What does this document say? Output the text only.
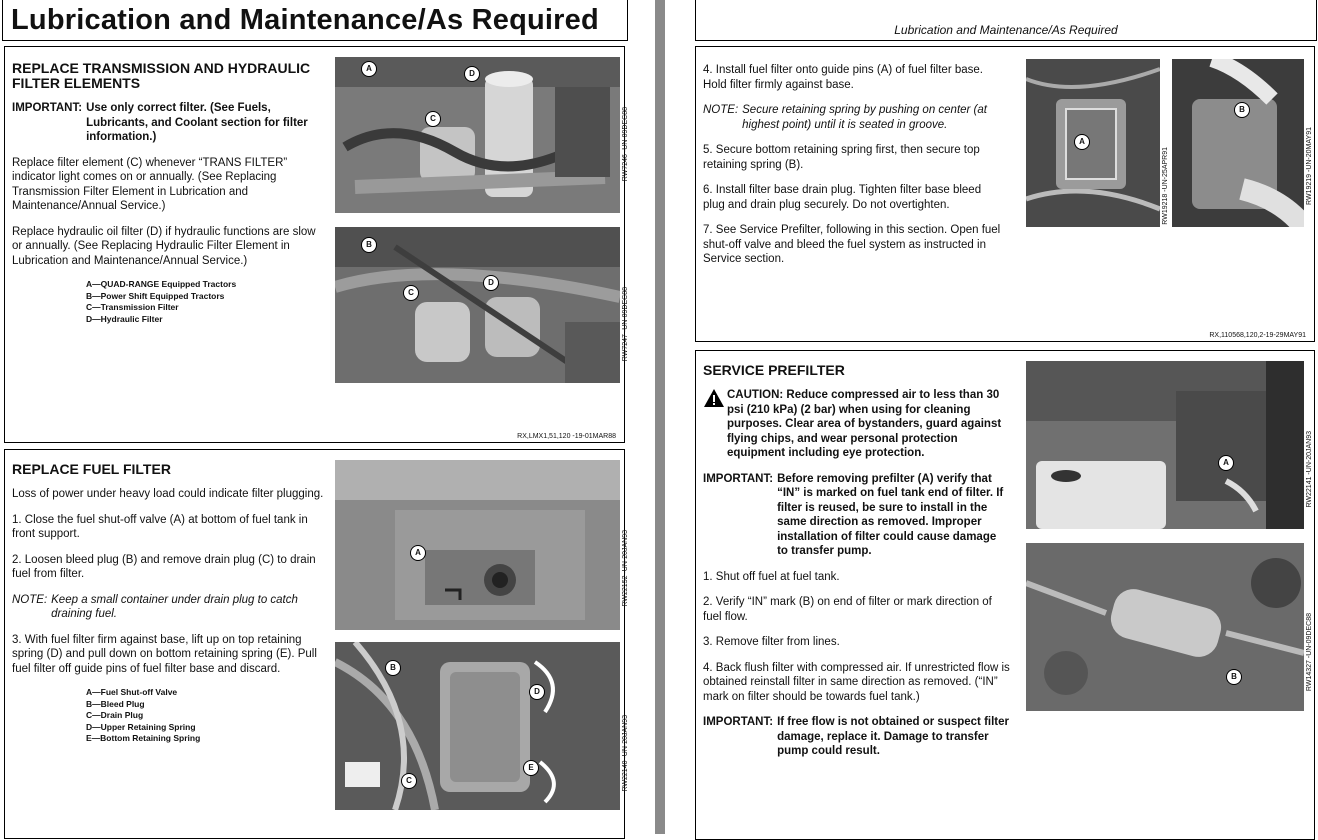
Lubrication and Maintenance/As Required
REPLACE TRANSMISSION AND HYDRAULIC FILTER ELEMENTS
IMPORTANT: Use only correct filter. (See Fuels, Lubricants, and Coolant section for filter information.)

Replace filter element (C) whenever “TRANS FILTER” indicator light comes on or annually. (See Replacing Transmission Filter Element in Lubrication and Maintenance/Annual Service.)

Replace hydraulic oil filter (D) if hydraulic functions are slow or annually. (See Replacing Hydraulic Filter Element in Lubrication and Maintenance/Annual Service.)

A—QUAD-RANGE Equipped Tractors
B—Power Shift Equipped Tractors
C—Transmission Filter
D—Hydraulic Filter
A
D
C	RW7246 -UN-09DEC88
B
D
C	RW7247 -UN-09DEC88
RX,LMX1,51,120 -19-01MAR88
REPLACE FUEL FILTER

Loss of power under heavy load could indicate filter plugging.

1. Close the fuel shut-off valve (A) at bottom of fuel tank in front support.

2. Loosen bleed plug (B) and remove drain plug (C) to drain fuel from filter.

NOTE: Keep a small container under drain plug to catch draining fuel.

3. With fuel filter firm against base, lift up on top retaining spring (D) and pull down on bottom retaining spring (E). Pull fuel filter off guide pins of fuel filter base and discard.

A—Fuel Shut-off Valve
B—Bleed Plug
C—Drain Plug
D—Upper Retaining Spring
E—Bottom Retaining Spring
A	RW22152 -UN-20JAN93
B
D
E
C	RW22140 -UN-20JAN93
Lubrication and Maintenance/As Required

4. Install fuel filter onto guide pins (A) of fuel filter base. Hold filter firmly against base.

NOTE: Secure retaining spring by pushing on center (at highest point) until it is seated in groove.

5. Secure bottom retaining spring first, then secure top retaining spring (B).

6. Install filter base drain plug. Tighten filter base bleed plug and drain plug securely. Do not overtighten.

7. See Service Prefilter, following in this section. Open fuel shut-off valve and bleed the fuel system as instructed in Service section.

A
RW19218 -UN-25APR91
B
RW19219 -UN-20MAY91
RX,110568,120,2-19-29MAY91
SERVICE PREFILTER
CAUTION: Reduce compressed air to less than 30 psi (210 kPa) (2 bar) when using for cleaning purposes. Clear area of bystanders, guard against flying chips, and wear personal protection equipment including eye protection.
IMPORTANT: Before removing prefilter (A) verify that “IN” is marked on fuel tank end of filter. If filter is reused, be sure to install in the same direction as removed. Improper installation of filter could cause damage to transfer pump.

1. Shut off fuel at fuel tank.

2. Verify “IN” mark (B) on end of filter or mark direction of fuel flow.

3. Remove filter from lines.

4. Back flush filter with compressed air. If unrestricted flow is obtained reinstall filter in same direction as removed. (“IN” mark on filter should be towards fuel tank.)

IMPORTANT: If free flow is not obtained or suspect filter damage, replace it. Damage to transfer pump could result.
A	RW22141 -UN-20JAN93
B	RW14327 -UN-09DEC88
